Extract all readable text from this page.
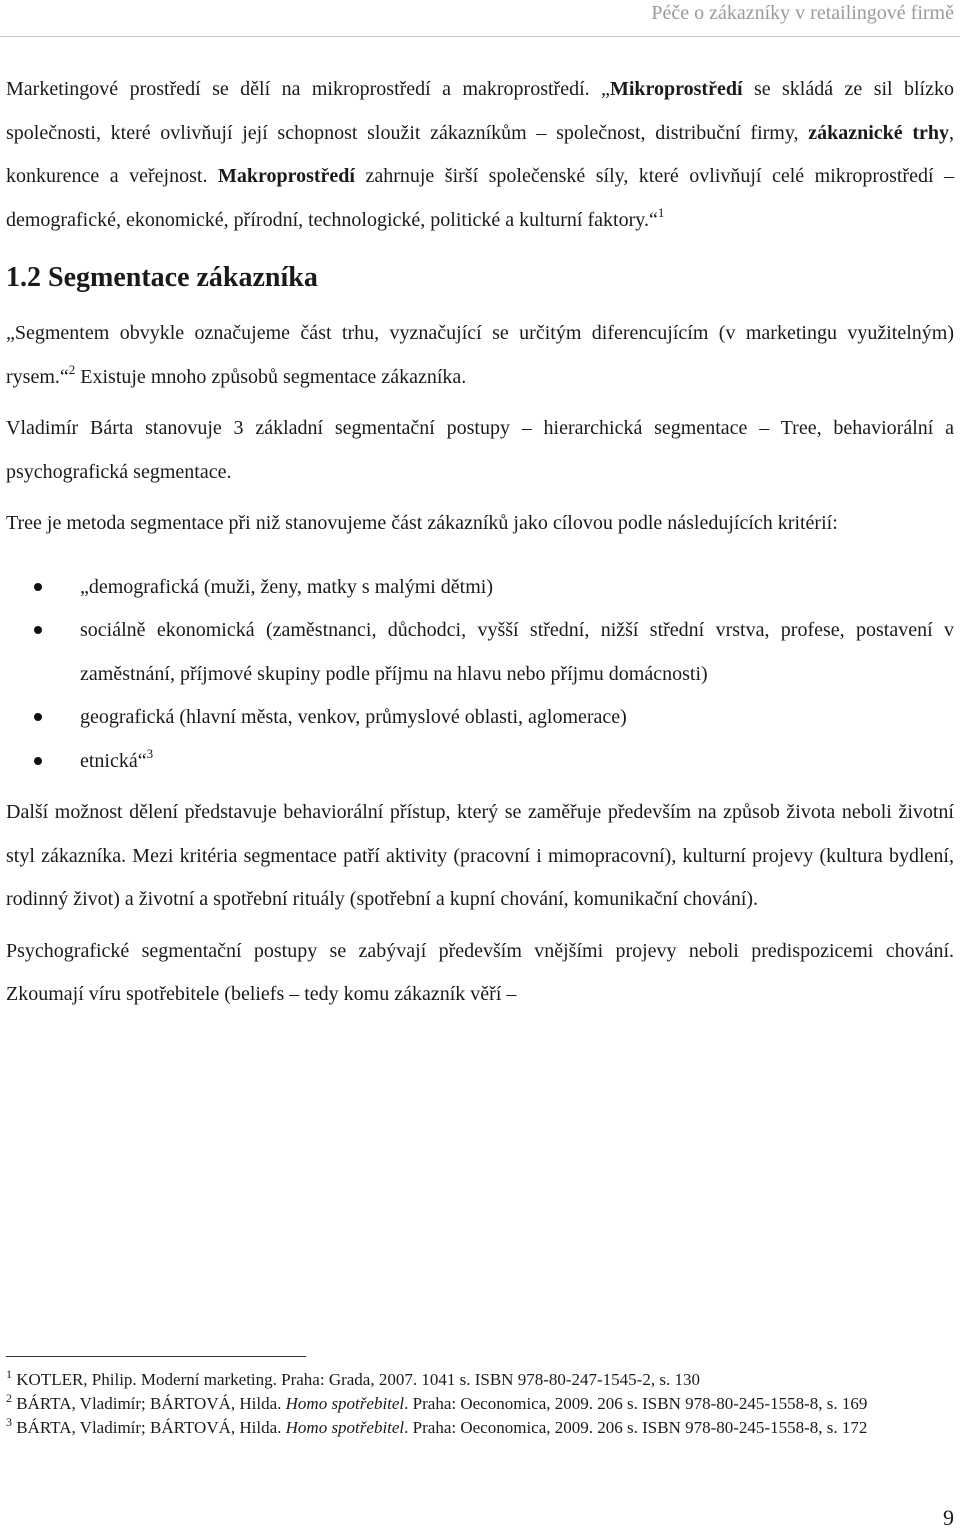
Péče o zákazníky v retailingové firmě

Marketingové prostředí se dělí na mikroprostředí a makroprostředí. „Mikroprostředí se skládá ze sil blízko společnosti, které ovlivňují její schopnost sloužit zákazníkům – společnost, distribuční firmy, zákaznické trhy, konkurence a veřejnost. Makroprostředí zahrnuje širší společenské síly, které ovlivňují celé mikroprostředí – demografické, ekonomické, přírodní, technologické, politické a kulturní faktory.“$^1$

1.2 Segmentace zákazníka

„Segmentem obvykle označujeme část trhu, vyznačující se určitým diferencujícím (v marketingu využitelným) rysem.“$^2$ Existuje mnoho způsobů segmentace zákazníka.

Vladimír Bárta stanovuje 3 základní segmentační postupy – hierarchická segmentace – Tree, behaviorální a psychografická segmentace.

Tree je metoda segmentace při niž stanovujeme část zákazníků jako cílovou podle následujících kritérií:

„demografická (muži, ženy, matky s malými dětmi)
sociálně ekonomická (zaměstnanci, důchodci, vyšší střední, nižší střední vrstva, profese, postavení v zaměstnání, příjmové skupiny podle příjmu na hlavu nebo příjmu domácnosti)
geografická (hlavní města, venkov, průmyslové oblasti, aglomerace)
etnická“$^3$

Další možnost dělení představuje behaviorální přístup, který se zaměřuje především na způsob života neboli životní styl zákazníka. Mezi kritéria segmentace patří aktivity (pracovní i mimopracovní), kulturní projevy (kultura bydlení, rodinný život) a životní a spotřební rituály (spotřební a kupní chování, komunikační chování).

Psychografické segmentační postupy se zabývají především vnějšími projevy neboli predispozicemi chování. Zkoumají víru spotřebitele (beliefs – tedy komu zákazník věří –

$^1$ KOTLER, Philip. Moderní marketing. Praha: Grada, 2007. 1041 s. ISBN 978-80-247-1545-2, s. 130
$^2$ BÁRTA, Vladimír; BÁRTOVÁ, Hilda. Homo spotřebitel. Praha: Oeconomica, 2009. 206 s. ISBN 978-80-245-1558-8, s. 169
$^3$ BÁRTA, Vladimír; BÁRTOVÁ, Hilda. Homo spotřebitel. Praha: Oeconomica, 2009. 206 s. ISBN 978-80-245-1558-8, s. 172
9
